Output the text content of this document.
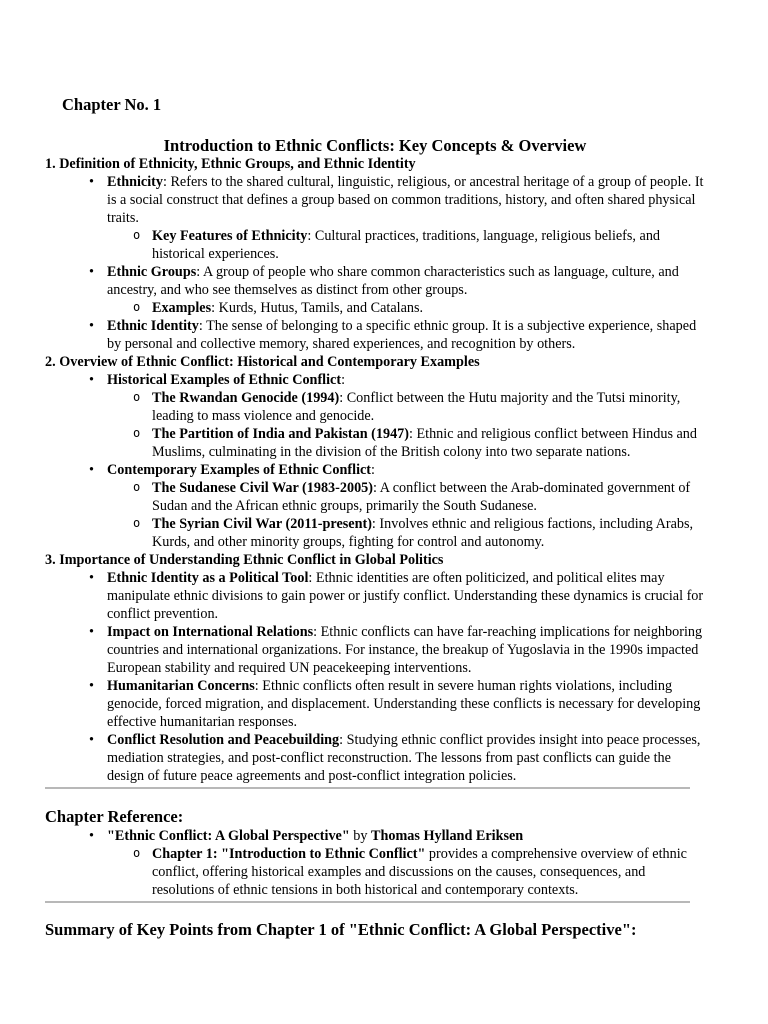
Chapter No. 1
Introduction to Ethnic Conflicts: Key Concepts & Overview
1. Definition of Ethnicity, Ethnic Groups, and Ethnic Identity
• Ethnicity: Refers to the shared cultural, linguistic, religious, or ancestral heritage of a group of people. It is a social construct that defines a group based on common traditions, history, and often shared physical traits.
o Key Features of Ethnicity: Cultural practices, traditions, language, religious beliefs, and historical experiences.
• Ethnic Groups: A group of people who share common characteristics such as language, culture, and ancestry, and who see themselves as distinct from other groups.
o Examples: Kurds, Hutus, Tamils, and Catalans.
• Ethnic Identity: The sense of belonging to a specific ethnic group. It is a subjective experience, shaped by personal and collective memory, shared experiences, and recognition by others.
2. Overview of Ethnic Conflict: Historical and Contemporary Examples
• Historical Examples of Ethnic Conflict:
o The Rwandan Genocide (1994): Conflict between the Hutu majority and the Tutsi minority, leading to mass violence and genocide.
o The Partition of India and Pakistan (1947): Ethnic and religious conflict between Hindus and Muslims, culminating in the division of the British colony into two separate nations.
• Contemporary Examples of Ethnic Conflict:
o The Sudanese Civil War (1983-2005): A conflict between the Arab-dominated government of Sudan and the African ethnic groups, primarily the South Sudanese.
o The Syrian Civil War (2011-present): Involves ethnic and religious factions, including Arabs, Kurds, and other minority groups, fighting for control and autonomy.
3. Importance of Understanding Ethnic Conflict in Global Politics
• Ethnic Identity as a Political Tool: Ethnic identities are often politicized, and political elites may manipulate ethnic divisions to gain power or justify conflict. Understanding these dynamics is crucial for conflict prevention.
• Impact on International Relations: Ethnic conflicts can have far-reaching implications for neighboring countries and international organizations. For instance, the breakup of Yugoslavia in the 1990s impacted European stability and required UN peacekeeping interventions.
• Humanitarian Concerns: Ethnic conflicts often result in severe human rights violations, including genocide, forced migration, and displacement. Understanding these conflicts is necessary for developing effective humanitarian responses.
• Conflict Resolution and Peacebuilding: Studying ethnic conflict provides insight into peace processes, mediation strategies, and post-conflict reconstruction. The lessons from past conflicts can guide the design of future peace agreements and post-conflict integration policies.
Chapter Reference:
• "Ethnic Conflict: A Global Perspective" by Thomas Hylland Eriksen
o Chapter 1: "Introduction to Ethnic Conflict" provides a comprehensive overview of ethnic conflict, offering historical examples and discussions on the causes, consequences, and resolutions of ethnic tensions in both historical and contemporary contexts.
Summary of Key Points from Chapter 1 of "Ethnic Conflict: A Global Perspective":
